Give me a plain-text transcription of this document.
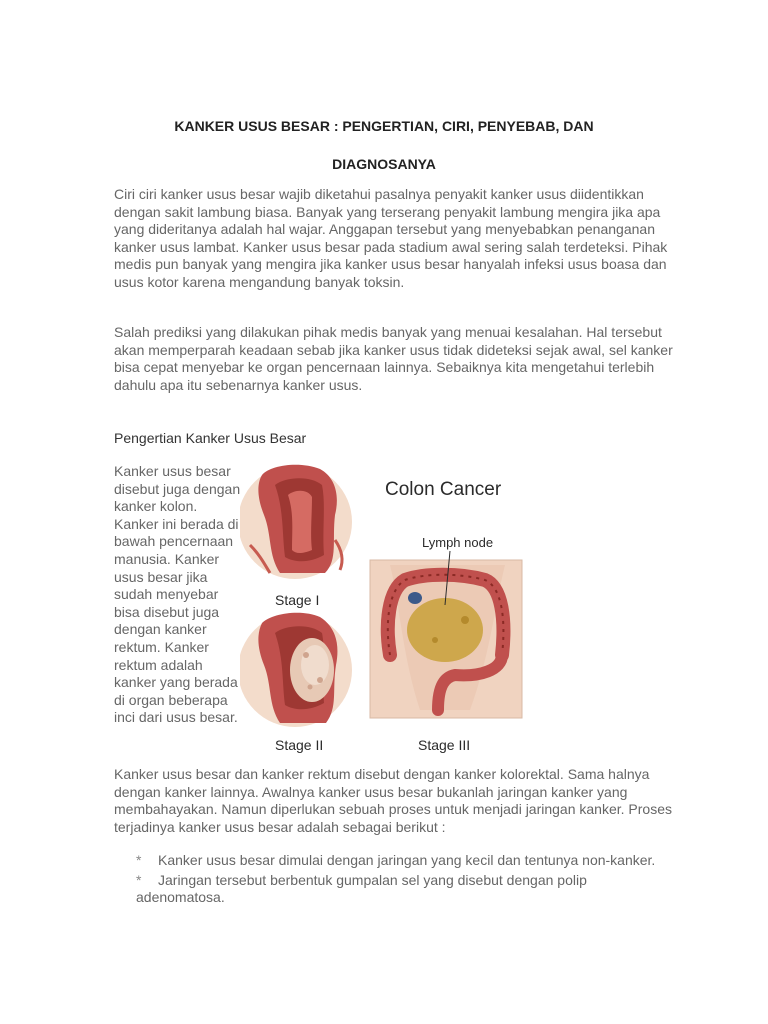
KANKER USUS BESAR : PENGERTIAN, CIRI, PENYEBAB, DAN

DIAGNOSANYA

Ciri ciri kanker usus besar wajib diketahui pasalnya penyakit kanker usus diidentikkan dengan sakit lambung biasa. Banyak yang terserang penyakit lambung mengira jika apa yang dideritanya adalah hal wajar. Anggapan tersebut yang menyebabkan penanganan kanker usus lambat. Kanker usus besar pada stadium awal sering salah terdeteksi. Pihak medis pun banyak yang mengira jika kanker usus besar hanyalah infeksi usus boasa dan usus kotor karena mengandung banyak toksin.

Salah prediksi yang dilakukan pihak medis banyak yang menuai kesalahan. Hal tersebut akan memperparah keadaan sebab jika kanker usus tidak dideteksi sejak awal, sel kanker bisa cepat menyebar ke organ pencernaan lainnya. Sebaiknya kita mengetahui terlebih dahulu apa itu sebenarnya kanker usus.

Pengertian Kanker Usus Besar

Kanker usus besar disebut juga dengan kanker kolon. Kanker ini berada di bawah pencernaan manusia. Kanker usus besar jika sudah menyebar bisa disebut juga dengan kanker rektum. Kanker rektum adalah kanker yang berada di organ beberapa inci dari usus besar.

Colon Cancer
Lymph node
Stage I
Stage II	Stage III

Kanker usus besar dan kanker rektum disebut dengan kanker kolorektal. Sama halnya dengan kanker lainnya. Awalnya kanker usus besar bukanlah jaringan kanker yang membahayakan. Namun diperlukan sebuah proses untuk menjadi jaringan kanker. Proses terjadinya kanker usus besar adalah sebagai berikut :

* Kanker usus besar dimulai dengan jaringan yang kecil dan tentunya non-kanker.
* Jaringan tersebut berbentuk gumpalan sel yang disebut dengan polip adenomatosa.
